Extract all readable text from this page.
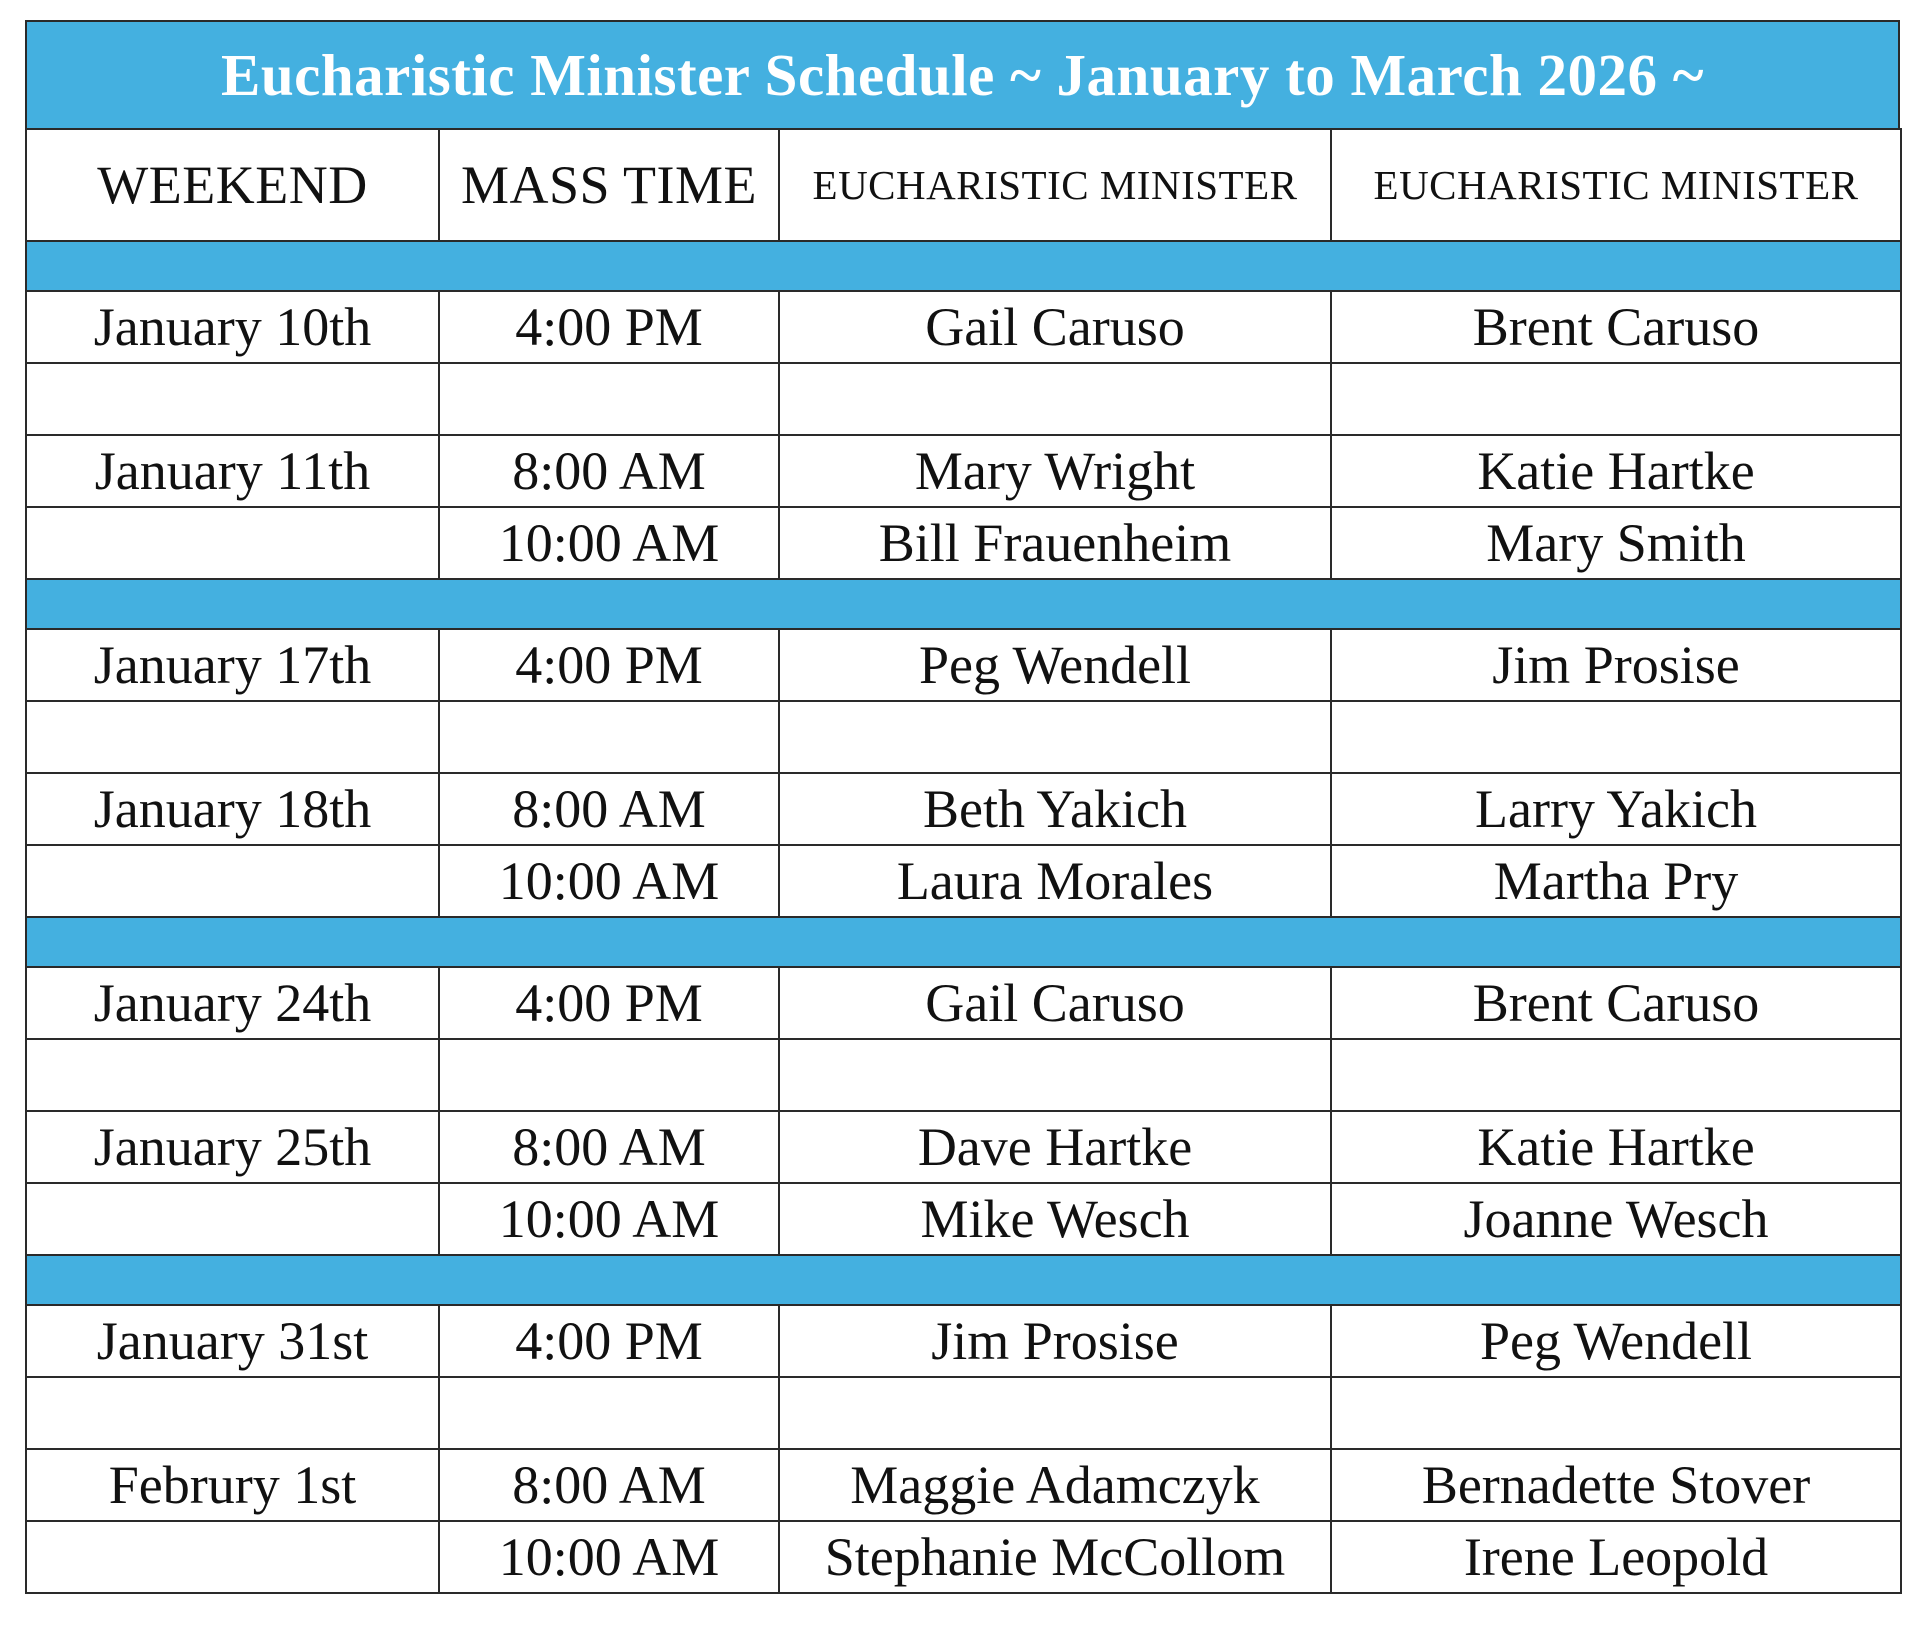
Eucharistic Minister Schedule ~ January to March 2026 ~
WEEKEND	MASS TIME	EUCHARISTIC MINISTER	EUCHARISTIC MINISTER

January 10th	4:00 PM	Gail Caruso	Brent Caruso

January 11th	8:00 AM	Mary Wright	Katie Hartke
	10:00 AM	Bill Frauenheim	Mary Smith

January 17th	4:00 PM	Peg Wendell	Jim Prosise

January 18th	8:00 AM	Beth Yakich	Larry Yakich
	10:00 AM	Laura Morales	Martha Pry

January 24th	4:00 PM	Gail Caruso	Brent Caruso

January 25th	8:00 AM	Dave Hartke	Katie Hartke
	10:00 AM	Mike Wesch	Joanne Wesch

January 31st	4:00 PM	Jim Prosise	Peg Wendell

Februry 1st	8:00 AM	Maggie Adamczyk	Bernadette Stover
	10:00 AM	Stephanie McCollom	Irene Leopold
